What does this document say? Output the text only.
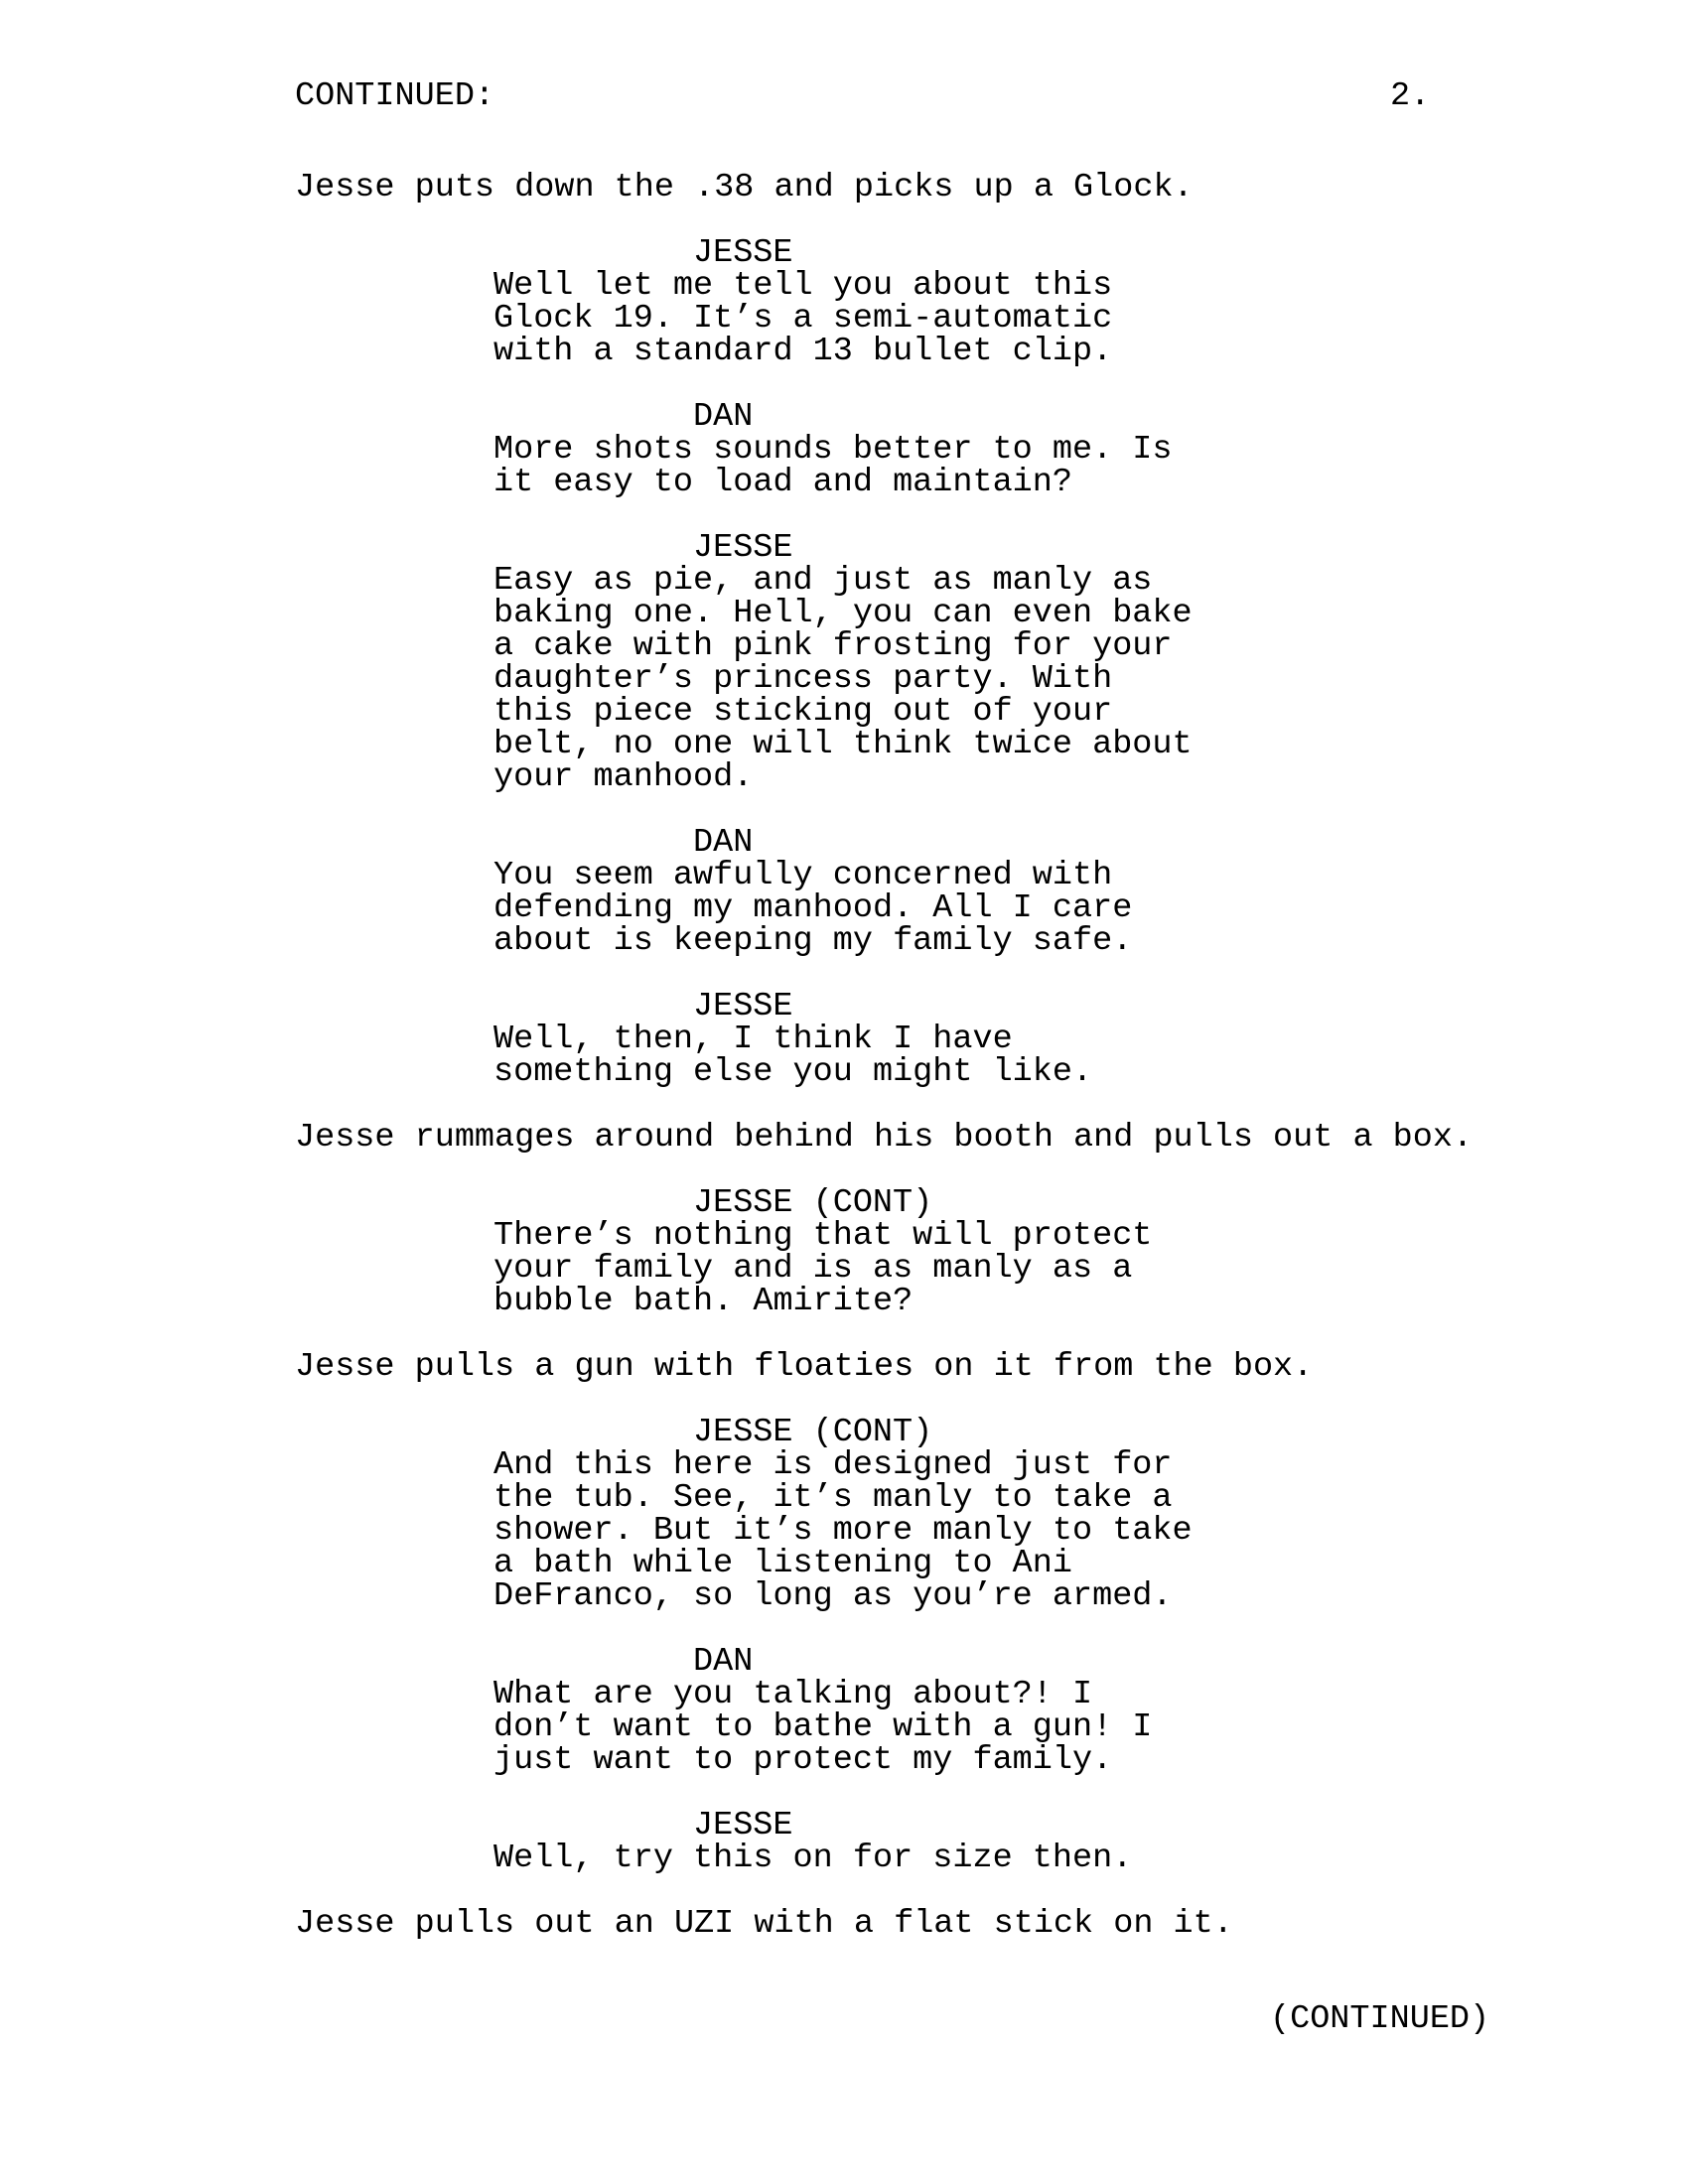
CONTINUED:	2.
Jesse puts down the .38 and picks up a Glock.
JESSE
Well let me tell you about this
Glock 19. It’s a semi-automatic
with a standard 13 bullet clip.
DAN
More shots sounds better to me. Is
it easy to load and maintain?
JESSE
Easy as pie, and just as manly as
baking one. Hell, you can even bake
a cake with pink frosting for your
daughter’s princess party. With
this piece sticking out of your
belt, no one will think twice about
your manhood.
DAN
You seem awfully concerned with
defending my manhood. All I care
about is keeping my family safe.
JESSE
Well, then, I think I have
something else you might like.
Jesse rummages around behind his booth and pulls out a box.
JESSE (CONT)
There’s nothing that will protect
your family and is as manly as a
bubble bath. Amirite?
Jesse pulls a gun with floaties on it from the box.
JESSE (CONT)
And this here is designed just for
the tub. See, it’s manly to take a
shower. But it’s more manly to take
a bath while listening to Ani
DeFranco, so long as you’re armed.
DAN
What are you talking about?! I
don’t want to bathe with a gun! I
just want to protect my family.
JESSE
Well, try this on for size then.
Jesse pulls out an UZI with a flat stick on it.
(CONTINUED)
